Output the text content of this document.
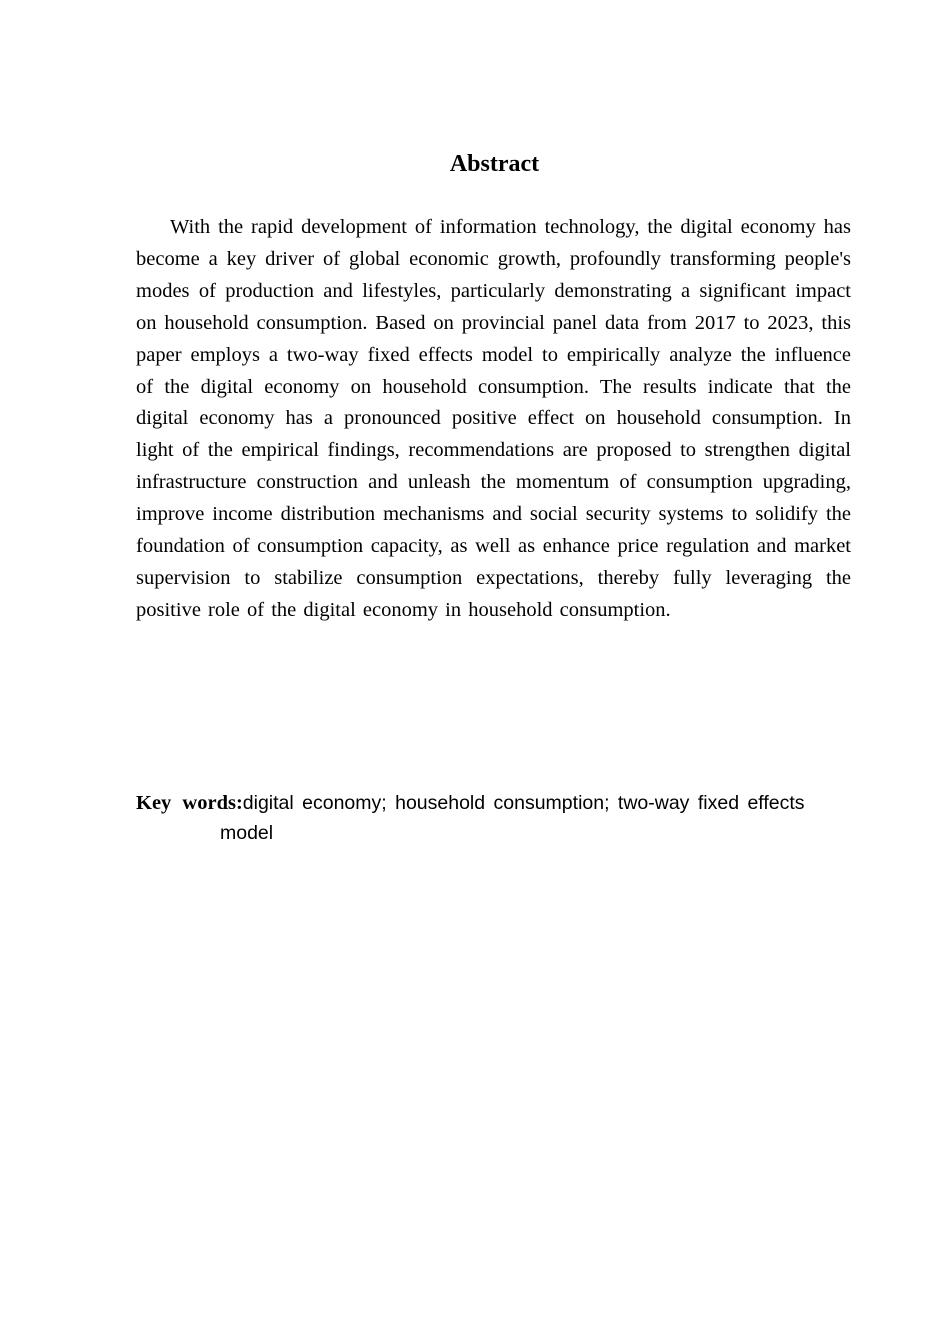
Abstract

With the rapid development of information technology, the digital economy has become a key driver of global economic growth, profoundly transforming people's modes of production and lifestyles, particularly demonstrating a significant impact on household consumption. Based on provincial panel data from 2017 to 2023, this paper employs a two-way fixed effects model to empirically analyze the influence of the digital economy on household consumption. The results indicate that the digital economy has a pronounced positive effect on household consumption. In light of the empirical findings, recommendations are proposed to strengthen digital infrastructure construction and unleash the momentum of consumption upgrading, improve income distribution mechanisms and social security systems to solidify the foundation of consumption capacity, as well as enhance price regulation and market supervision to stabilize consumption expectations, thereby fully leveraging the positive role of the digital economy in household consumption.

Key words:digital economy; household consumption; two-way fixed effects model
